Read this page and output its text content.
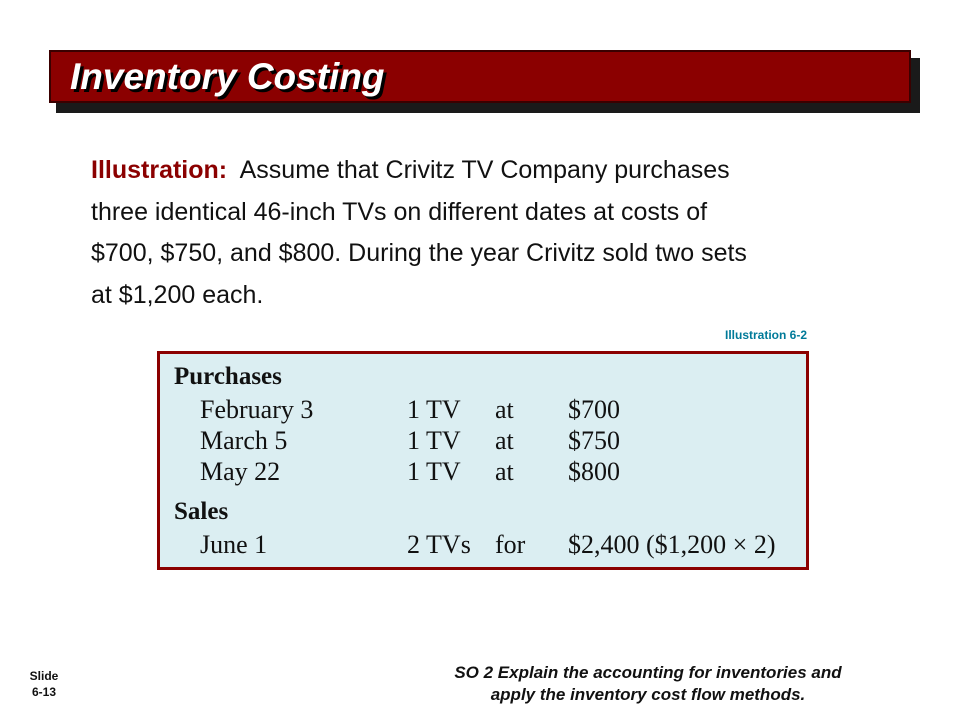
Inventory Costing
Illustration: Assume that Crivitz TV Company purchases
three identical 46-inch TVs on different dates at costs of
$700, $750, and $800. During the year Crivitz sold two sets
at $1,200 each.
Illustration 6-2
Purchases
February 3	1 TV at $700
March 5	1 TV at $750
May 22	1 TV at $800
Sales
June 1	2 TVs for $2,400 ($1,200 × 2)
Slide
6-13
SO 2 Explain the accounting for inventories and
apply the inventory cost flow methods.
